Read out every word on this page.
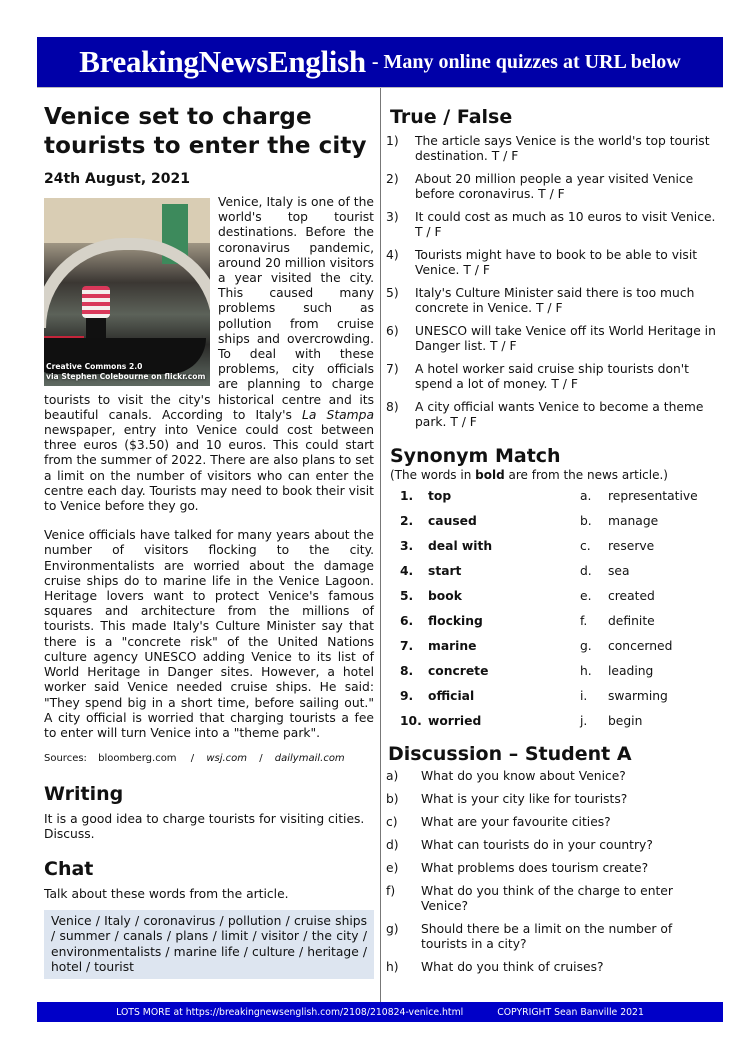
BreakingNewsEnglish - Many online quizzes at URL below
Venice set to charge tourists to enter the city
24th August, 2021
Creative Commons 2.0
via Stephen Colebourne on flickr.com

Venice, Italy is one of the world's top tourist destinations. Before the coronavirus pandemic, around 20 million visitors a year visited the city. This caused many problems such as pollution from cruise ships and overcrowding. To deal with these problems, city officials are planning to charge tourists to visit the city's historical centre and its beautiful canals. According to Italy's La Stampa newspaper, entry into Venice could cost between three euros ($3.50) and 10 euros. This could start from the summer of 2022. There are also plans to set a limit on the number of visitors who can enter the centre each day. Tourists may need to book their visit to Venice before they go.

Venice officials have talked for many years about the number of visitors flocking to the city. Environmentalists are worried about the damage cruise ships do to marine life in the Venice Lagoon. Heritage lovers want to protect Venice's famous squares and architecture from the millions of tourists. This made Italy's Culture Minister say that there is a "concrete risk" of the United Nations culture agency UNESCO adding Venice to its list of World Heritage in Danger sites. However, a hotel worker said Venice needed cruise ships. He said: "They spend big in a short time, before sailing out." A city official is worried that charging tourists a fee to enter will turn Venice into a "theme park".

Sources: bloomberg.com / wsj.com / dailymail.com
Writing
It is a good idea to charge tourists for visiting cities. Discuss.
Chat
Talk about these words from the article.
Venice / Italy / coronavirus / pollution / cruise ships / summer / canals / plans / limit / visitor / the city / environmentalists / marine life / culture / heritage / hotel / tourist
True / False
1)	The article says Venice is the world's top tourist destination. T / F
2)	About 20 million people a year visited Venice before coronavirus. T / F
3)	It could cost as much as 10 euros to visit Venice. T / F
4)	Tourists might have to book to be able to visit Venice. T / F
5)	Italy's Culture Minister said there is too much concrete in Venice. T / F
6)	UNESCO will take Venice off its World Heritage in Danger list. T / F
7)	A hotel worker said cruise ship tourists don't spend a lot of money. T / F
8)	A city official wants Venice to become a theme park. T / F
Synonym Match
(The words in bold are from the news article.)
1.	top	a.	representative
2.	caused	b.	manage
3.	deal with	c.	reserve
4.	start	d.	sea
5.	book	e.	created
6.	flocking	f.	definite
7.	marine	g.	concerned
8.	concrete	h.	leading
9.	official	i.	swarming
10. worried	j.	begin
Discussion – Student A
a)	What do you know about Venice?
b)	What is your city like for tourists?
c)	What are your favourite cities?
d)	What can tourists do in your country?
e)	What problems does tourism create?
f)	What do you think of the charge to enter Venice?
g)	Should there be a limit on the number of tourists in a city?
h)	What do you think of cruises?
LOTS MORE at https://breakingnewsenglish.com/2108/210824-venice.html	COPYRIGHT Sean Banville 2021
